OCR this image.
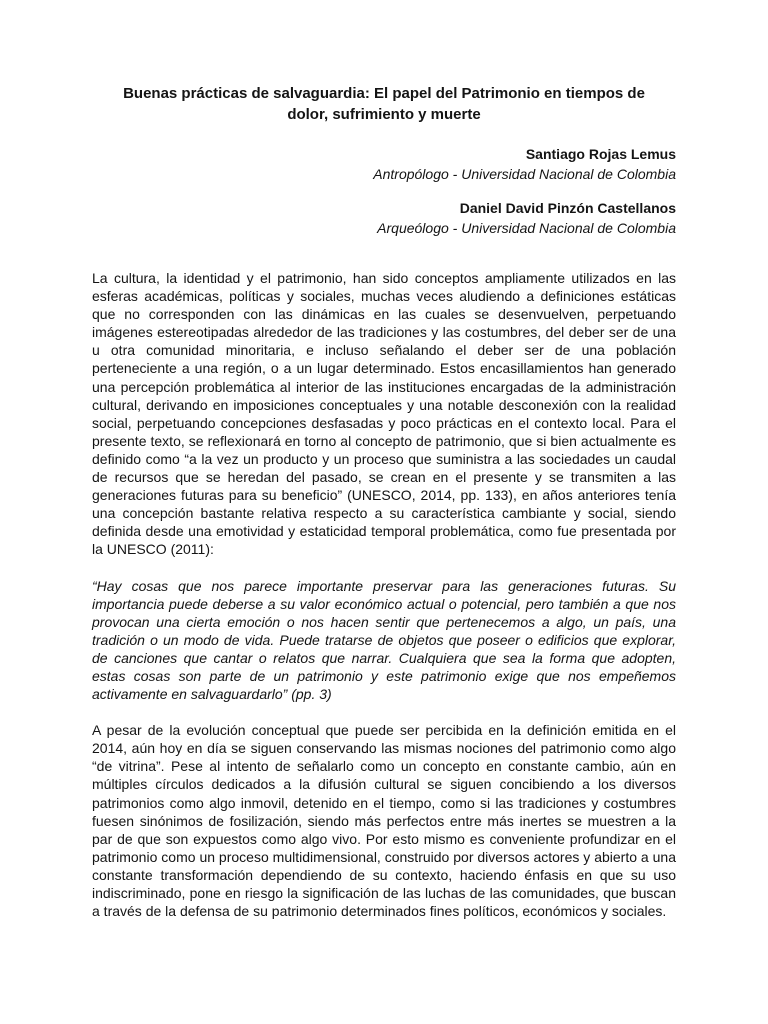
Buenas prácticas de salvaguardia: El papel del Patrimonio en tiempos de dolor, sufrimiento y muerte
Santiago Rojas Lemus
Antropólogo - Universidad Nacional de Colombia
Daniel David Pinzón Castellanos
Arqueólogo - Universidad Nacional de Colombia

La cultura, la identidad y el patrimonio, han sido conceptos ampliamente utilizados en las esferas académicas, políticas y sociales, muchas veces aludiendo a definiciones estáticas que no corresponden con las dinámicas en las cuales se desenvuelven, perpetuando imágenes estereotipadas alrededor de las tradiciones y las costumbres, del deber ser de una u otra comunidad minoritaria, e incluso señalando el deber ser de una población perteneciente a una región, o a un lugar determinado. Estos encasillamientos han generado una percepción problemática al interior de las instituciones encargadas de la administración cultural, derivando en imposiciones conceptuales y una notable desconexión con la realidad social, perpetuando concepciones desfasadas y poco prácticas en el contexto local. Para el presente texto, se reflexionará en torno al concepto de patrimonio, que si bien actualmente es definido como “a la vez un producto y un proceso que suministra a las sociedades un caudal de recursos que se heredan del pasado, se crean en el presente y se transmiten a las generaciones futuras para su beneficio” (UNESCO, 2014, pp. 133), en años anteriores tenía una concepción bastante relativa respecto a su característica cambiante y social, siendo definida desde una emotividad y estaticidad temporal problemática, como fue presentada por la UNESCO (2011):

“Hay cosas que nos parece importante preservar para las generaciones futuras. Su importancia puede deberse a su valor económico actual o potencial, pero también a que nos provocan una cierta emoción o nos hacen sentir que pertenecemos a algo, un país, una tradición o un modo de vida. Puede tratarse de objetos que poseer o edificios que explorar, de canciones que cantar o relatos que narrar. Cualquiera que sea la forma que adopten, estas cosas son parte de un patrimonio y este patrimonio exige que nos empeñemos activamente en salvaguardarlo” (pp. 3)

A pesar de la evolución conceptual que puede ser percibida en la definición emitida en el 2014, aún hoy en día se siguen conservando las mismas nociones del patrimonio como algo “de vitrina”. Pese al intento de señalarlo como un concepto en constante cambio, aún en múltiples círculos dedicados a la difusión cultural se siguen concibiendo a los diversos patrimonios como algo inmovil, detenido en el tiempo, como si las tradiciones y costumbres fuesen sinónimos de fosilización, siendo más perfectos entre más inertes se muestren a la par de que son expuestos como algo vivo. Por esto mismo es conveniente profundizar en el patrimonio como un proceso multidimensional, construido por diversos actores y abierto a una constante transformación dependiendo de su contexto, haciendo énfasis en que su uso indiscriminado, pone en riesgo la significación de las luchas de las comunidades, que buscan a través de la defensa de su patrimonio determinados fines políticos, económicos y sociales.
